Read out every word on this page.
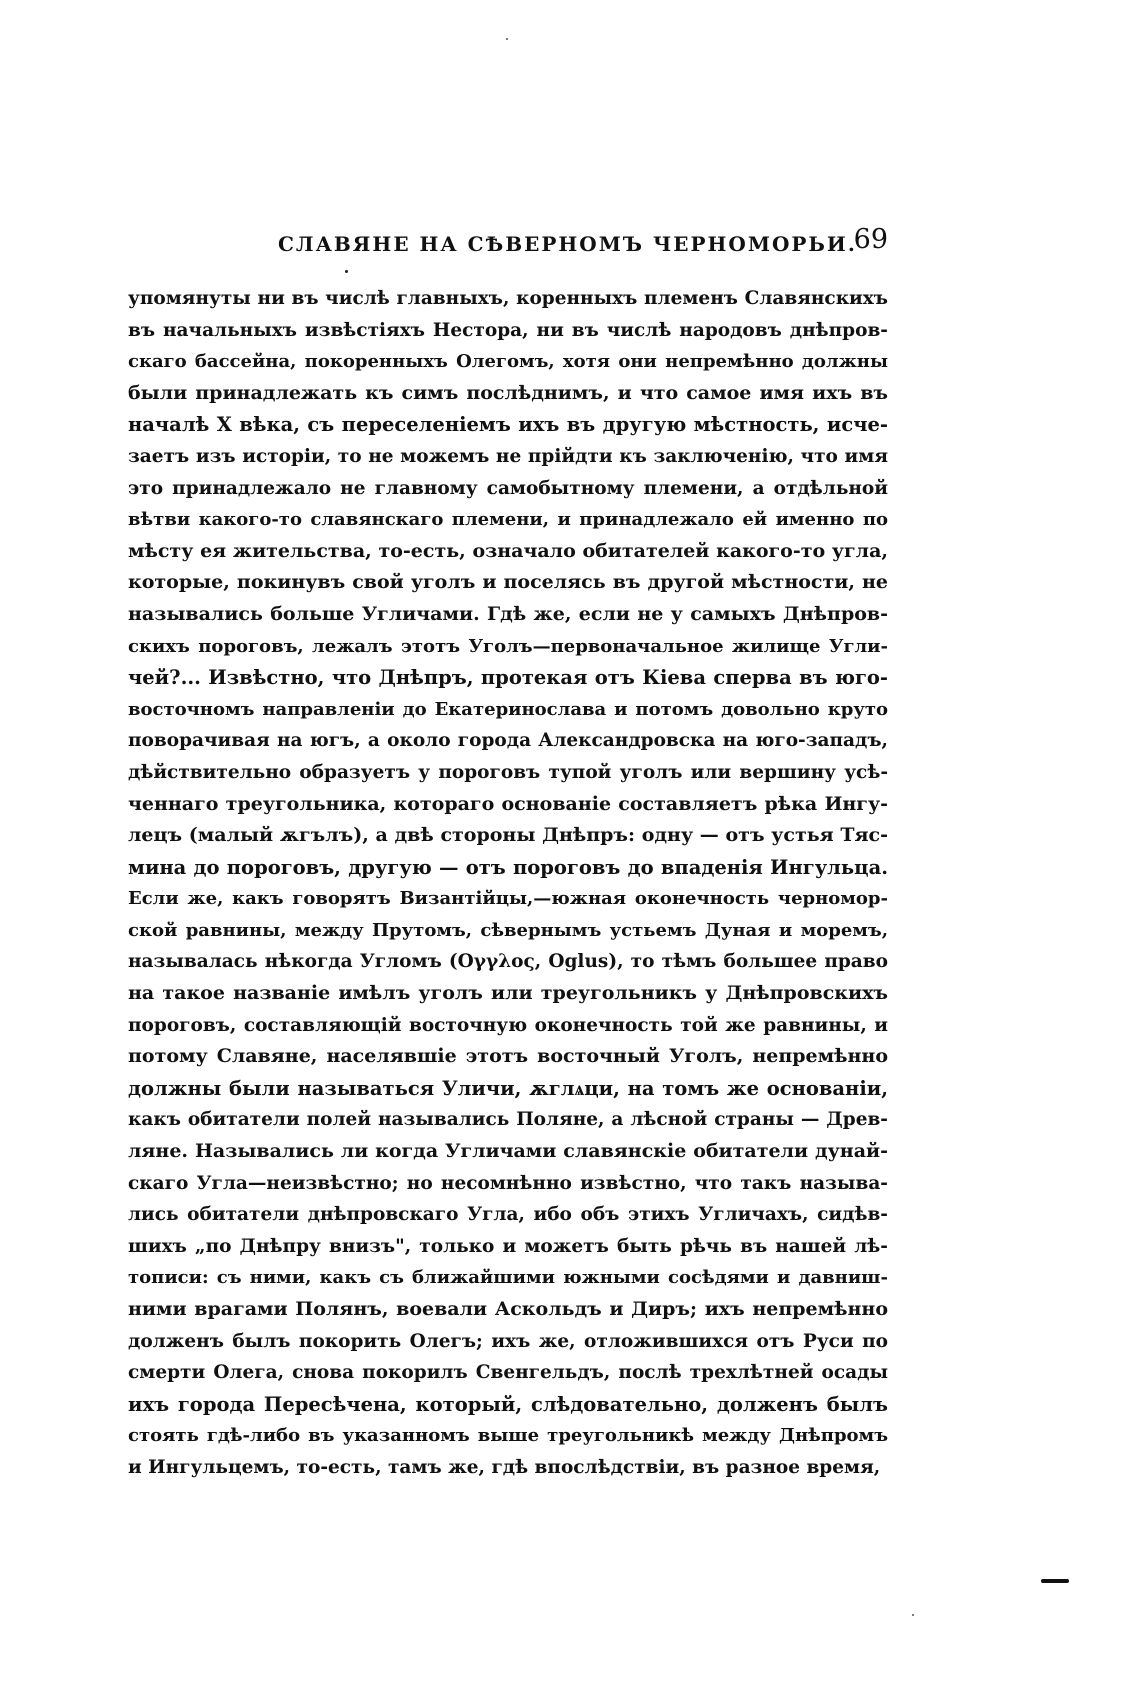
СЛАВЯНЕ НА СѢВЕРНОМЪ ЧЕРНОМОРЬИ.
69
упомянуты ни въ числѣ главныхъ, коренныхъ племенъ Славянскихъ
въ начальныхъ извѣстіяхъ Нестора, ни въ числѣ народовъ днѣпров-
скаго бассейна, покоренныхъ Олегомъ, хотя они непремѣнно должны
были принадлежать къ симъ послѣднимъ, и что самое имя ихъ въ
началѣ X вѣка, съ переселеніемъ ихъ въ другую мѣстность, исче-
заетъ изъ исторіи, то не можемъ не прійдти къ заключенію, что имя
это принадлежало не главному самобытному племени, а отдѣльной
вѣтви какого-то славянскаго племени, и принадлежало ей именно по
мѣсту ея жительства, то-есть, означало обитателей какого-то угла,
которые, покинувъ свой уголъ и поселясь въ другой мѣстности, не
назывались больше Угличами. Гдѣ же, если не у самыхъ Днѣпров-
скихъ пороговъ, лежалъ этотъ Уголъ—первоначальное жилище Угли-
чей?... Извѣстно, что Днѣпръ, протекая отъ Кіева сперва въ юго-
восточномъ направленіи до Екатеринослава и потомъ довольно круто
поворачивая на югъ, а около города Александровска на юго-западъ,
дѣйствительно образуетъ у пороговъ тупой уголъ или вершину усѣ-
ченнаго треугольника, котораго основаніе составляетъ рѣка Ингу-
лецъ (малый ѫгълъ), а двѣ стороны Днѣпръ: одну — отъ устья Тяс-
мина до пороговъ, другую — отъ пороговъ до впаденія Ингульца.
Если же, какъ говорятъ Византійцы,—южная оконечность черномор-
ской равнины, между Прутомъ, сѣвернымъ устьемъ Дуная и моремъ,
называлась нѣкогда Угломъ (Ογγλος, Oglus), то тѣмъ большее право
на такое названіе имѣлъ уголъ или треугольникъ у Днѣпровскихъ
пороговъ, составляющій восточную оконечность той же равнины, и
потому Славяне, населявшіе этотъ восточный Уголъ, непремѣнно
должны были называться Уличи, ѫглѧци, на томъ же основаніи,
какъ обитатели полей назывались Поляне, а лѣсной страны — Древ-
ляне. Назывались ли когда Угличами славянскіе обитатели дунай-
скаго Угла—неизвѣстно; но несомнѣнно извѣстно, что такъ называ-
лись обитатели днѣпровскаго Угла, ибо объ этихъ Угличахъ, сидѣв-
шихъ „по Днѣпру внизъ", только и можетъ быть рѣчь въ нашей лѣ-
тописи: съ ними, какъ съ ближайшими южными сосѣдями и давниш-
ними врагами Полянъ, воевали Аскольдъ и Диръ; ихъ непремѣнно
долженъ былъ покорить Олегъ; ихъ же, отложившихся отъ Руси по
смерти Олега, снова покорилъ Свенгельдъ, послѣ трехлѣтней осады
ихъ города Пересѣчена, который, слѣдовательно, долженъ былъ
стоять гдѣ-либо въ указанномъ выше треугольникѣ между Днѣпромъ
и Ингульцемъ, то-есть, тамъ же, гдѣ впослѣдствіи, въ разное время,
